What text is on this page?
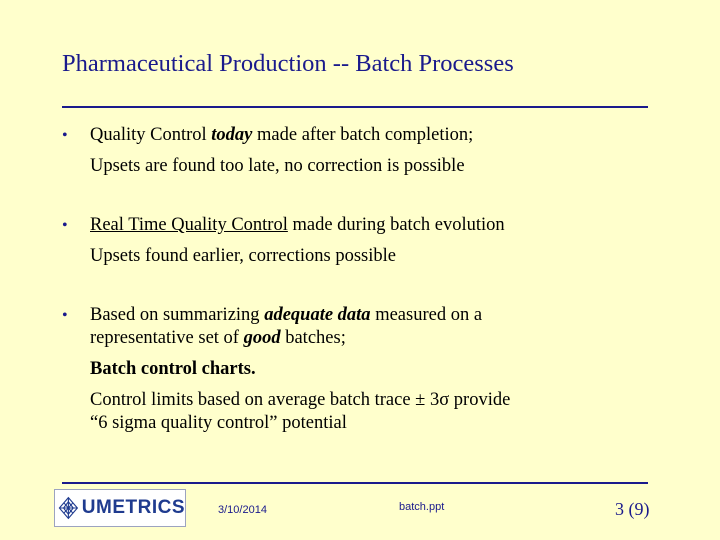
Pharmaceutical Production -- Batch Processes
• Quality Control today made after batch completion;
Upsets are found too late, no correction is possible
• Real Time Quality Control made during batch evolution
Upsets found earlier, corrections possible
• Based on summarizing adequate data measured on a
representative set of good batches;
Batch control charts.
Control limits based on average batch trace ± 3σ provide
“6 sigma quality control” potential
UMETRICS	3/10/2014	batch.ppt	3 (9)
